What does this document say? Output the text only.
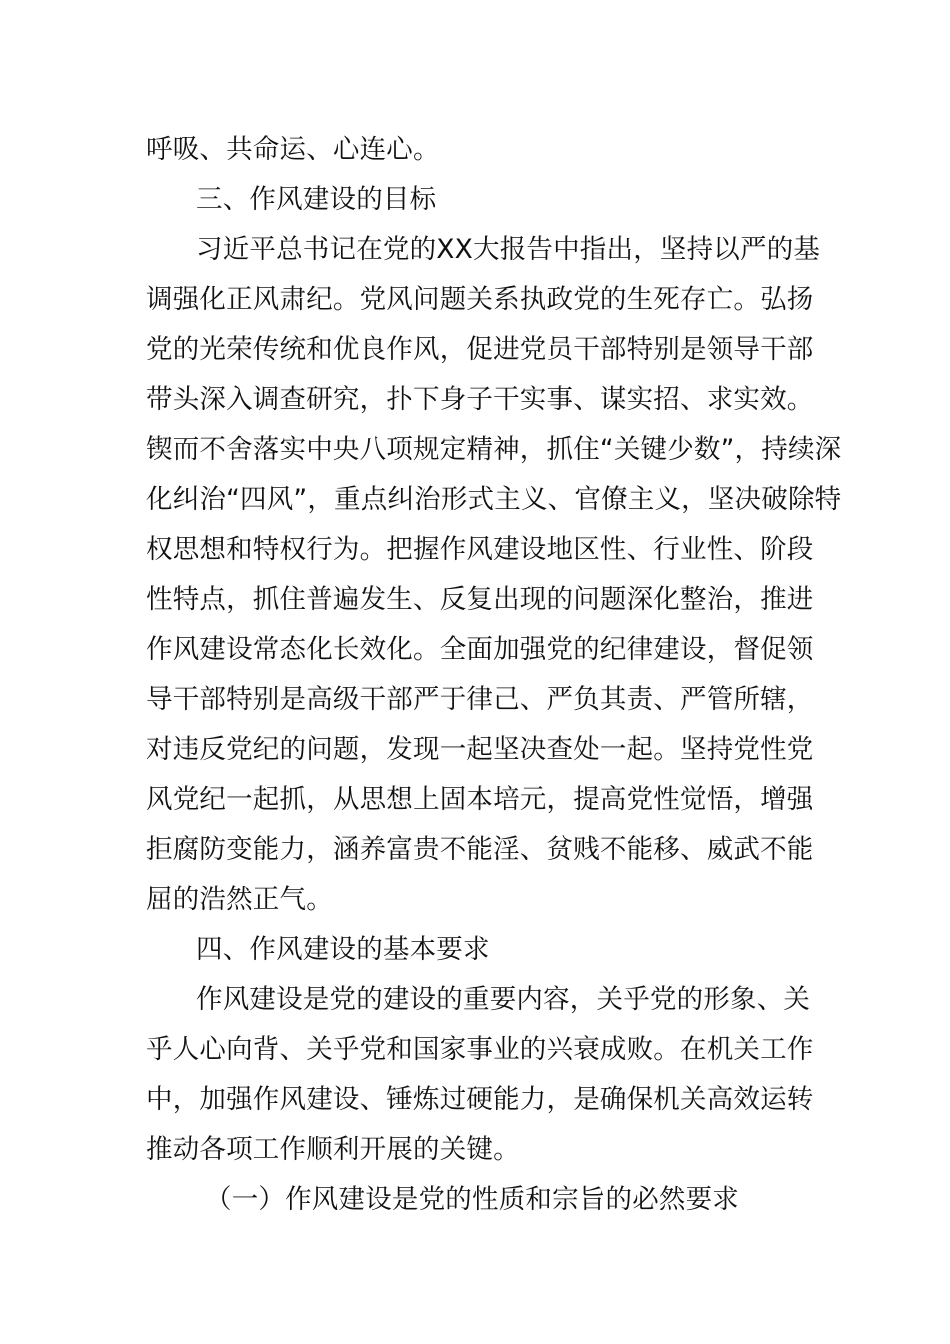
呼吸、共命运、心连心。
三、作风建设的目标
习近平总书记在党的XX大报告中指出，坚持以严的基
调强化正风肃纪。党风问题关系执政党的生死存亡。弘扬
党的光荣传统和优良作风，促进党员干部特别是领导干部
带头深入调查研究，扑下身子干实事、谋实招、求实效。
锲而不舍落实中央八项规定精神，抓住“关键少数”，持续深
化纠治“四风”，重点纠治形式主义、官僚主义，坚决破除特
权思想和特权行为。把握作风建设地区性、行业性、阶段
性特点，抓住普遍发生、反复出现的问题深化整治，推进
作风建设常态化长效化。全面加强党的纪律建设，督促领
导干部特别是高级干部严于律己、严负其责、严管所辖，
对违反党纪的问题，发现一起坚决查处一起。坚持党性党
风党纪一起抓，从思想上固本培元，提高党性觉悟，增强
拒腐防变能力，涵养富贵不能淫、贫贱不能移、威武不能
屈的浩然正气。
四、作风建设的基本要求
作风建设是党的建设的重要内容，关乎党的形象、关
乎人心向背、关乎党和国家事业的兴衰成败。在机关工作
中，加强作风建设、锤炼过硬能力，是确保机关高效运转
推动各项工作顺利开展的关键。
（一）作风建设是党的性质和宗旨的必然要求
